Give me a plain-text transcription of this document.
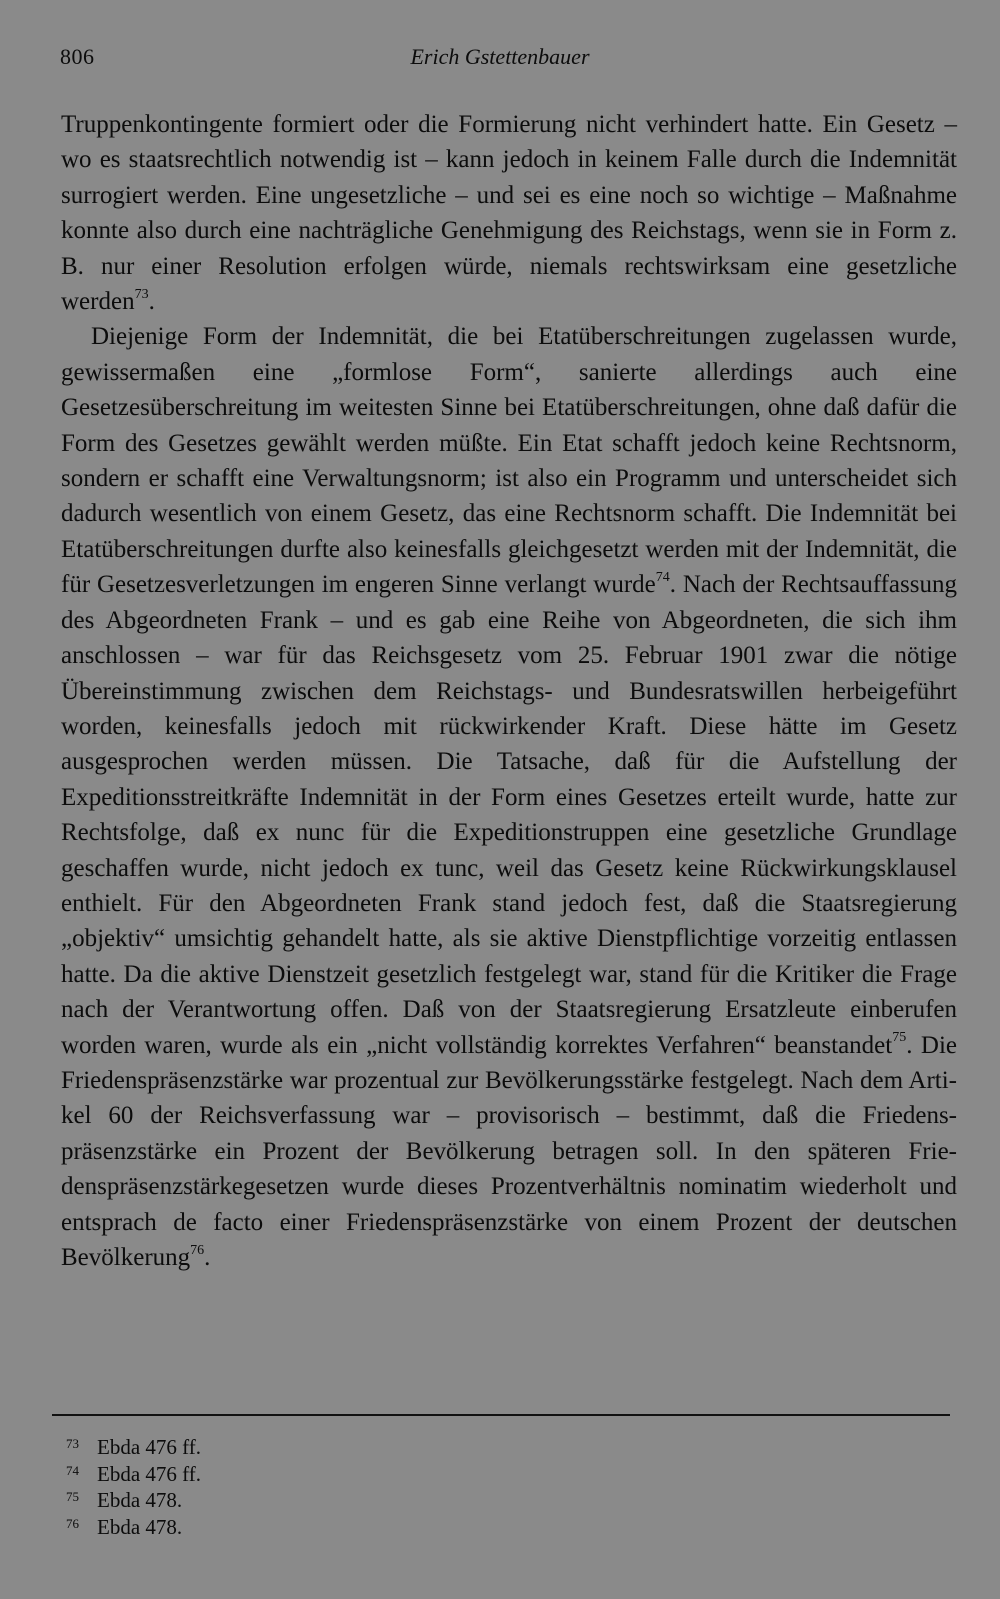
806	Erich Gstettenbauer

Truppenkontingente formiert oder die Formierung nicht verhindert hatte. Ein Gesetz – wo es staatsrechtlich notwendig ist – kann jedoch in keinem Falle durch die Indemnität surrogiert werden. Eine ungesetzliche – und sei es eine noch so wichtige – Maßnahme konnte also durch eine nachträgliche Genehmigung des Reichstags, wenn sie in Form z. B. nur einer Resolution erfolgen würde, niemals rechtswirksam eine gesetzliche werden$^{73}$.

Diejenige Form der Indemnität, die bei Etatüberschreitungen zugelassen wurde, gewissermaßen eine „formlose Form“, sanierte allerdings auch eine Gesetzesüberschreitung im weitesten Sinne bei Etatüberschreitungen, ohne daß dafür die Form des Gesetzes gewählt werden müßte. Ein Etat schafft jedoch keine Rechtsnorm, sondern er schafft eine Verwaltungsnorm; ist also ein Programm und unterscheidet sich dadurch wesentlich von einem Gesetz, das eine Rechtsnorm schafft. Die Indemnität bei Etatüberschreitungen durfte also keinesfalls gleichgesetzt werden mit der Indemnität, die für Gesetzesverletzungen im engeren Sinne verlangt wurde$^{74}$. Nach der Rechtsauffassung des Abgeordneten Frank – und es gab eine Reihe von Abgeordneten, die sich ihm anschlossen – war für das Reichsgesetz vom 25. Februar 1901 zwar die nötige Übereinstimmung zwischen dem Reichstags- und Bundesratswillen herbeigeführt worden, keinesfalls jedoch mit rückwirkender Kraft. Diese hätte im Gesetz ausgesprochen werden müssen. Die Tatsache, daß für die Aufstellung der Expeditionsstreitkräfte Indemnität in der Form eines Gesetzes erteilt wurde, hatte zur Rechtsfolge, daß ex nunc für die Expeditionstruppen eine gesetzliche Grundlage geschaffen wurde, nicht jedoch ex tunc, weil das Gesetz keine Rückwirkungsklausel enthielt. Für den Abgeordneten Frank stand jedoch fest, daß die Staatsregierung „objektiv“ umsichtig gehandelt hatte, als sie aktive Dienstpflichtige vorzeitig entlassen hatte. Da die aktive Dienstzeit gesetzlich festgelegt war, stand für die Kritiker die Frage nach der Verantwortung offen. Daß von der Staatsregierung Ersatzleute einberufen worden waren, wurde als ein „nicht vollständig korrektes Verfahren“ beanstandet$^{75}$. Die Friedenspräsenzstärke war prozentual zur Bevölkerungsstärke festgelegt. Nach dem Artikel 60 der Reichsverfassung war – provisorisch – bestimmt, daß die Friedenspräsenzstärke ein Prozent der Bevölkerung betragen soll. In den späteren Friedenspräsenzstärkegesetzen wurde dieses Prozentverhältnis nominatim wiederholt und entsprach de facto einer Friedenspräsenzstärke von einem Prozent der deutschen Bevölkerung$^{76}$.

73 Ebda 476 ff.
74 Ebda 476 ff.
75 Ebda 478.
76 Ebda 478.
